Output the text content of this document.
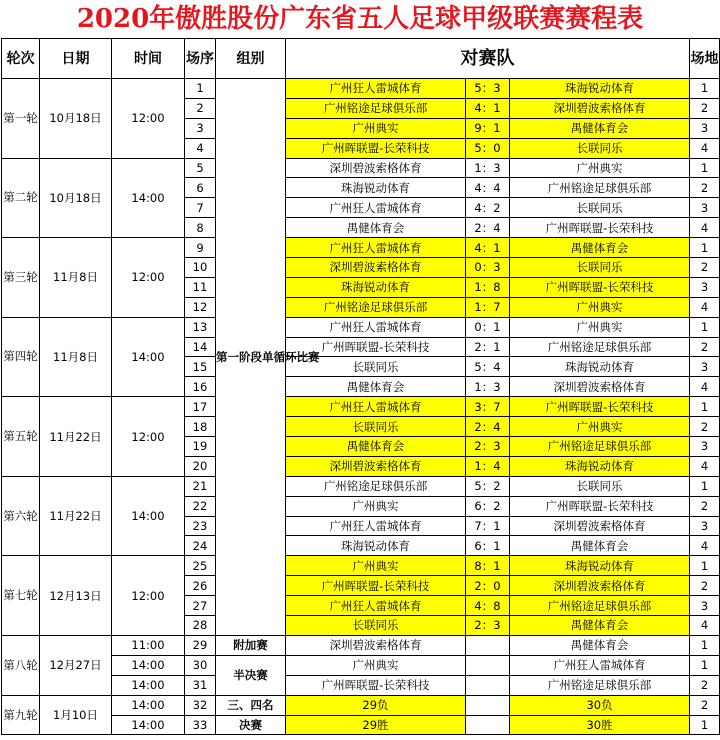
2020年傲胜股份广东省五人足球甲级联赛赛程表
轮次	日期	时间	场序	组别	对赛队			场地
第一轮	10月18日	12:00	1	第一阶段单循环比赛	广州狂人雷城体育	5：3	珠海锐动体育	1
			2		广州铭途足球俱乐部	4：1	深圳碧波索格体育	2
			3		广州典实	9：1	禺健体育会	3
			4		广州晖联盟-长荣科技	5：0	长联同乐	4
第二轮	10月18日	14:00	5		深圳碧波索格体育	1：3	广州典实	1
			6		珠海锐动体育	4：4	广州铭途足球俱乐部	2
			7		广州狂人雷城体育	4：2	长联同乐	3
			8		禺健体育会	2：4	广州晖联盟-长荣科技	4
第三轮	11月8日	12:00	9		广州狂人雷城体育	4：1	禺健体育会	1
			10		深圳碧波索格体育	0：3	长联同乐	2
			11		珠海锐动体育	1：8	广州晖联盟-长荣科技	3
			12		广州铭途足球俱乐部	1：7	广州典实	4
第四轮	11月8日	14:00	13		广州狂人雷城体育	0：1	广州典实	1
			14		广州晖联盟-长荣科技	2：1	广州铭途足球俱乐部	2
			15		长联同乐	5：4	珠海锐动体育	3
			16		禺健体育会	1：3	深圳碧波索格体育	4
第五轮	11月22日	12:00	17		广州狂人雷城体育	3：7	广州晖联盟-长荣科技	1
			18		长联同乐	2：4	广州典实	2
			19		禺健体育会	2：3	广州铭途足球俱乐部	3
			20		深圳碧波索格体育	1：4	珠海锐动体育	4
第六轮	11月22日	14:00	21		广州铭途足球俱乐部	5：2	长联同乐	1
			22		广州典实	6：2	广州晖联盟-长荣科技	2
			23		广州狂人雷城体育	7：1	深圳碧波索格体育	3
			24		珠海锐动体育	6：1	禺健体育会	4
第七轮	12月13日	12:00	25		广州典实	8：1	珠海锐动体育	1
			26		广州晖联盟-长荣科技	2：0	深圳碧波索格体育	2
			27		广州狂人雷城体育	4：8	广州铭途足球俱乐部	3
			28		长联同乐	2：3	禺健体育会	4
第八轮	12月27日	11:00	29	附加赛	深圳碧波索格体育		禺健体育会	1
		14:00	30	半决赛	广州典实		广州狂人雷城体育	1
		14:00	31		广州晖联盟-长荣科技		广州铭途足球俱乐部	2
第九轮	1月10日	14:00	32	三、四名	29负		30负	2
		14:00	33	决赛	29胜		30胜	1
